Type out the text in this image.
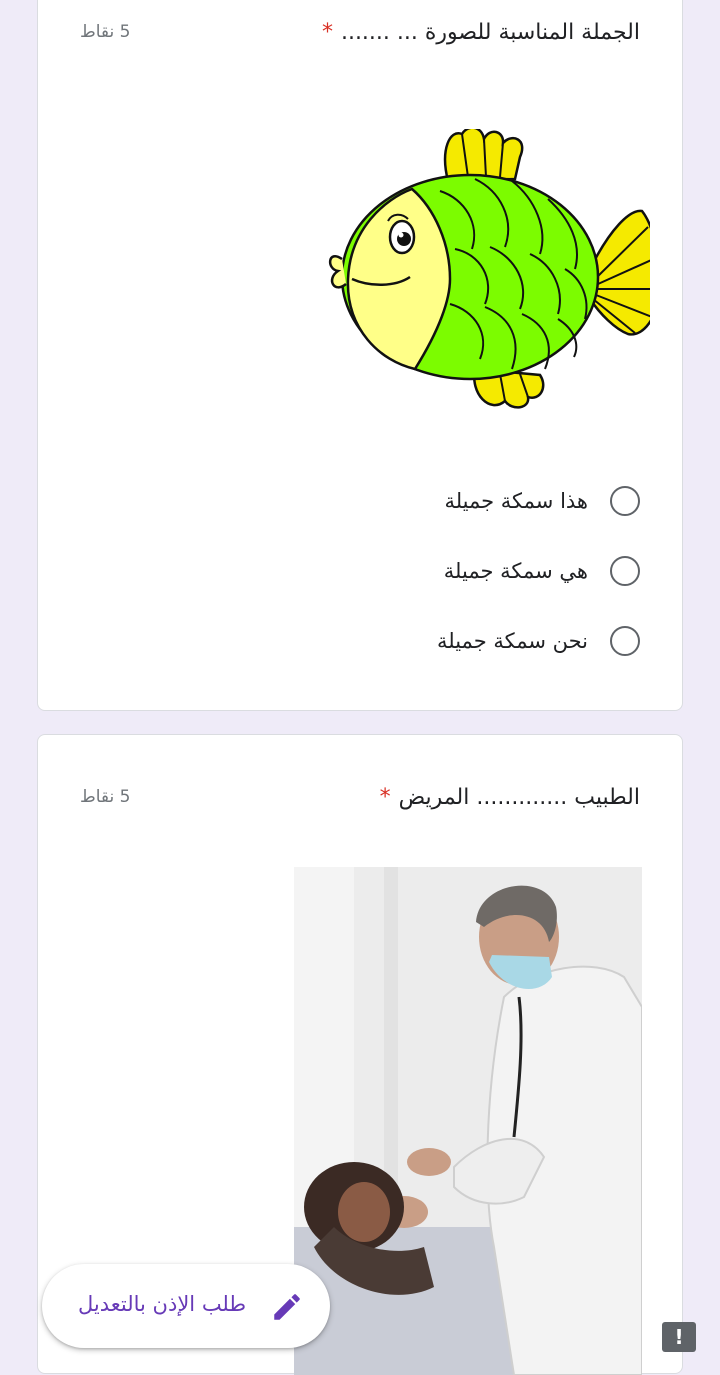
الجملة المناسبة للصورة ... .......*
5 نقاط
هذا سمكة جميلة
هي سمكة جميلة
نحن سمكة جميلة
الطبيب ............. المريض*
5 نقاط
طلب الإذن بالتعديل
!
